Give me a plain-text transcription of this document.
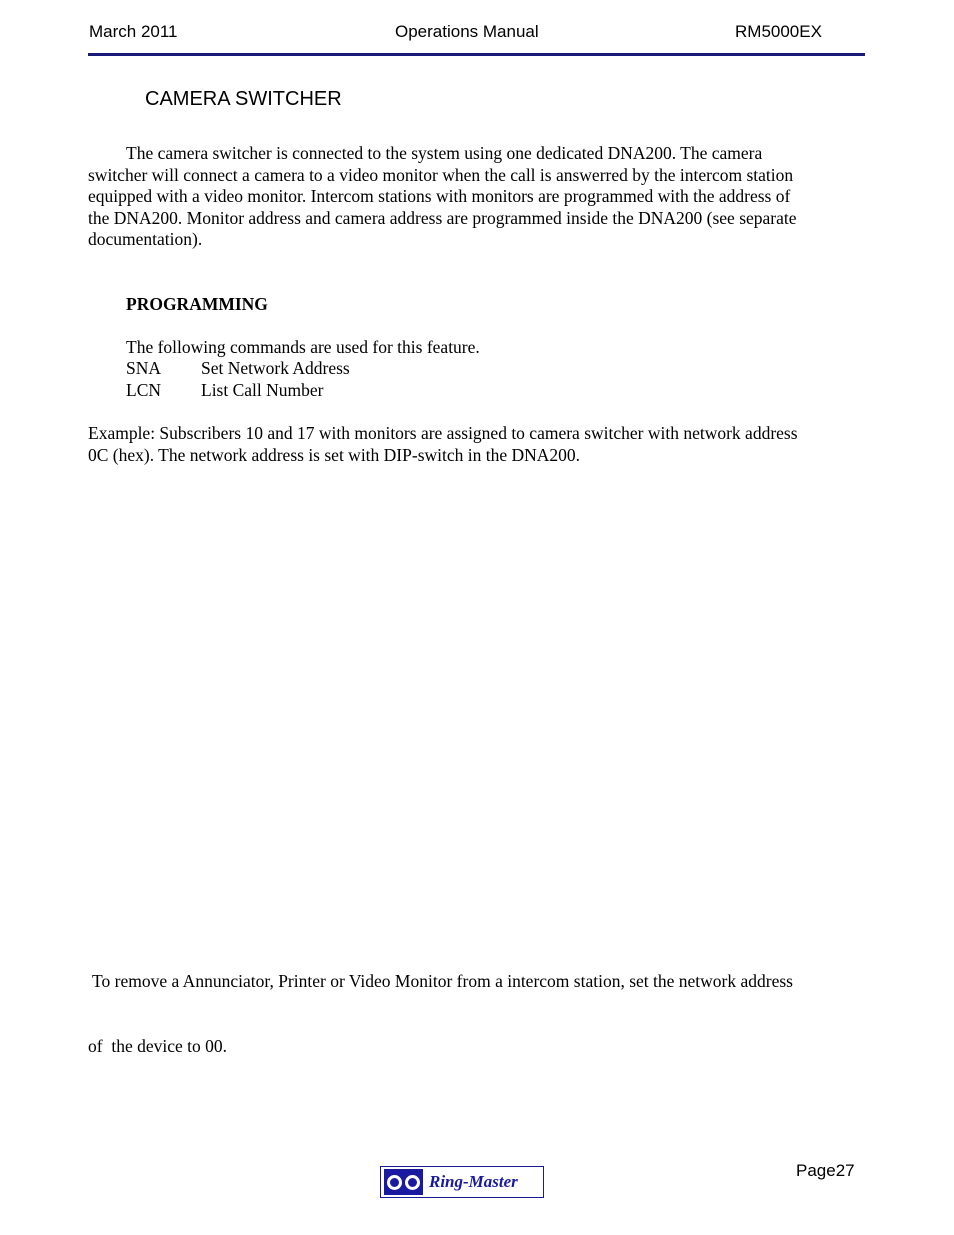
March 2011	Operations Manual	RM5000EX
CAMERA SWITCHER
The camera switcher is connected to the system using one dedicated DNA200. The camera
switcher will connect a camera to a video monitor when the call is answerred by the intercom station
equipped with a video monitor. Intercom stations with monitors are programmed with the address of
the DNA200. Monitor address and camera address are programmed inside the DNA200 (see separate
documentation).
PROGRAMMING
The following commands are used for this feature.
SNA Set Network Address
LCN List Call Number
Example: Subscribers 10 and 17 with monitors are assigned to camera switcher with network address
0C (hex). The network address is set with DIP-switch in the DNA200.

To remove a Annunciator, Printer or Video Monitor from a intercom station, set the network address

of  the device to 00.

Page27
Ring-Master
